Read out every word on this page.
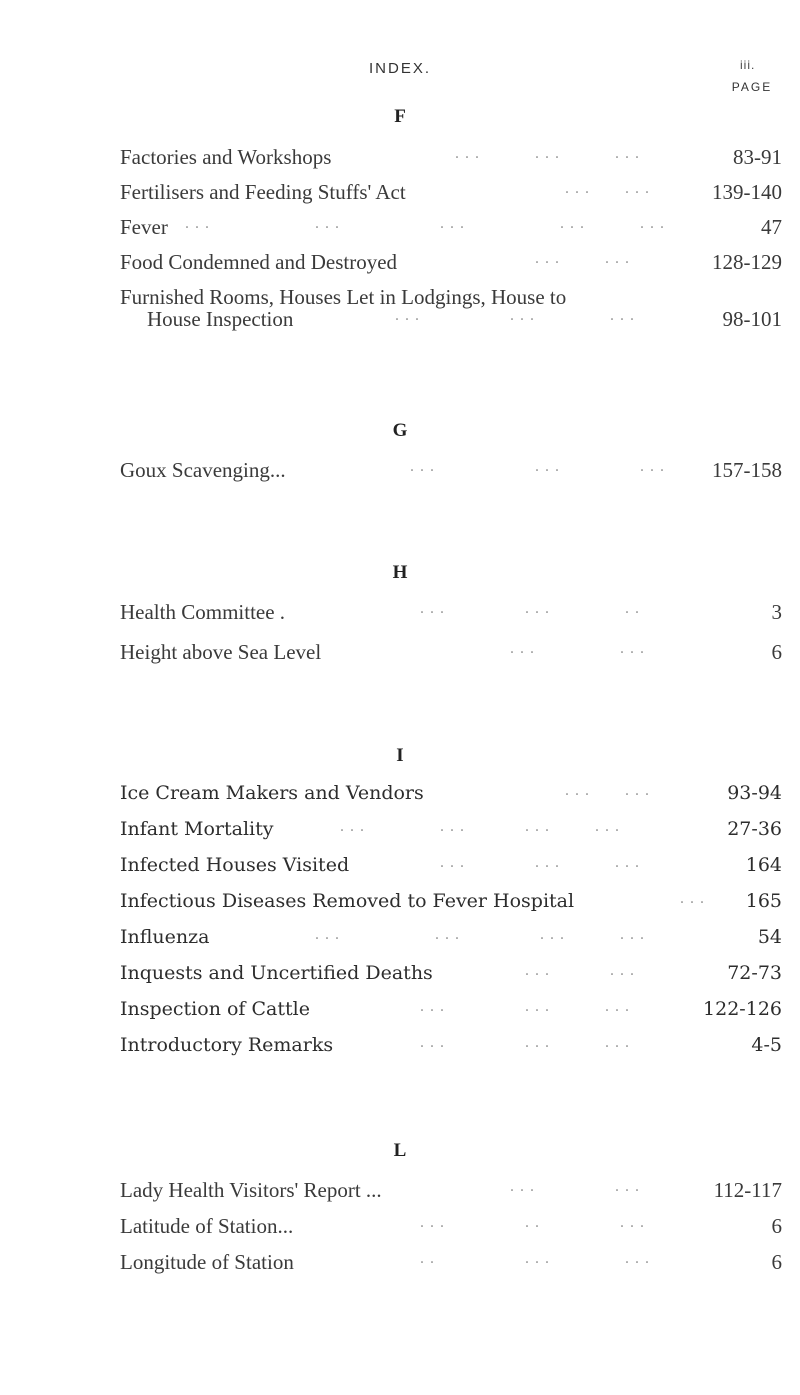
INDEX.	iii.
PAGE
F
Factories and Workshops	. . .           . . .           . . .	83-91
Fertilisers and Feeding Stuffs' Act	. . .       . . .	139-140
Fever . . .                     . . .                    . . .                   . . .           . . .	47
Food Condemned and Destroyed	. . .         . . .	128-129
Furnished Rooms, Houses Let in Lodgings, House to
House Inspection	. . .                  . . .               . . .	98-101
G
Goux Scavenging...	. . .                    . . .                . . . 157-158
H
Health Committee .	. . .                . . .               . .	3
Height above Sea Level	. . .                 . . .	6
I
Ice Cream Makers and Vendors	. . .       . . .	93-94
Infant Mortality	. . .               . . .            . . .         . . .	27-36
Infected Houses Visited	. . .              . . .           . . .	164
Infectious Diseases Removed to Fever Hospital	. . . 165
Influenza	. . .                   . . .                . . .           . . .	54
Inquests and Uncertified Deaths	. . .            . . .	72-73
Inspection of Cattle	. . .                . . .           . . .	122-126
Introductory Remarks	. . .                . . .           . . .	4-5
L
Lady Health Visitors' Report ...	. . .                . . .	112-117
Latitude of Station...	. . .                . .                . . .	6
Longitude of Station	. .                  . . .               . . .	6
